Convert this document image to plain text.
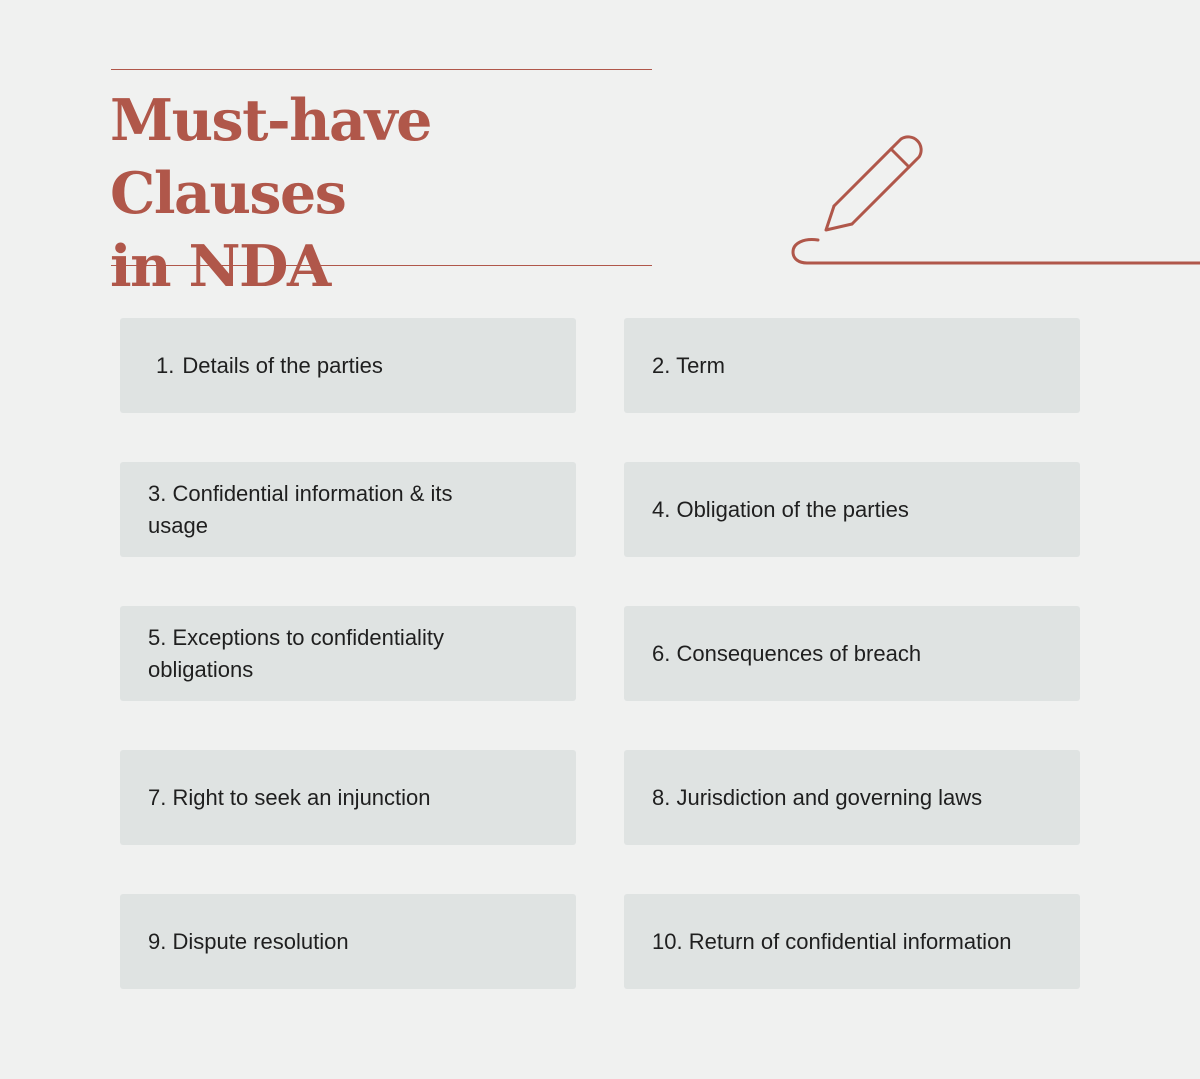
Must-have Clauses
in NDA
1. Details of the parties	2. Term
3. Confidential information & its usage
4. Obligation of the parties
5. Exceptions to confidentiality obligations
6. Consequences of breach
7. Right to seek an injunction	8. Jurisdiction and governing laws
9. Dispute resolution	10. Return of confidential information
